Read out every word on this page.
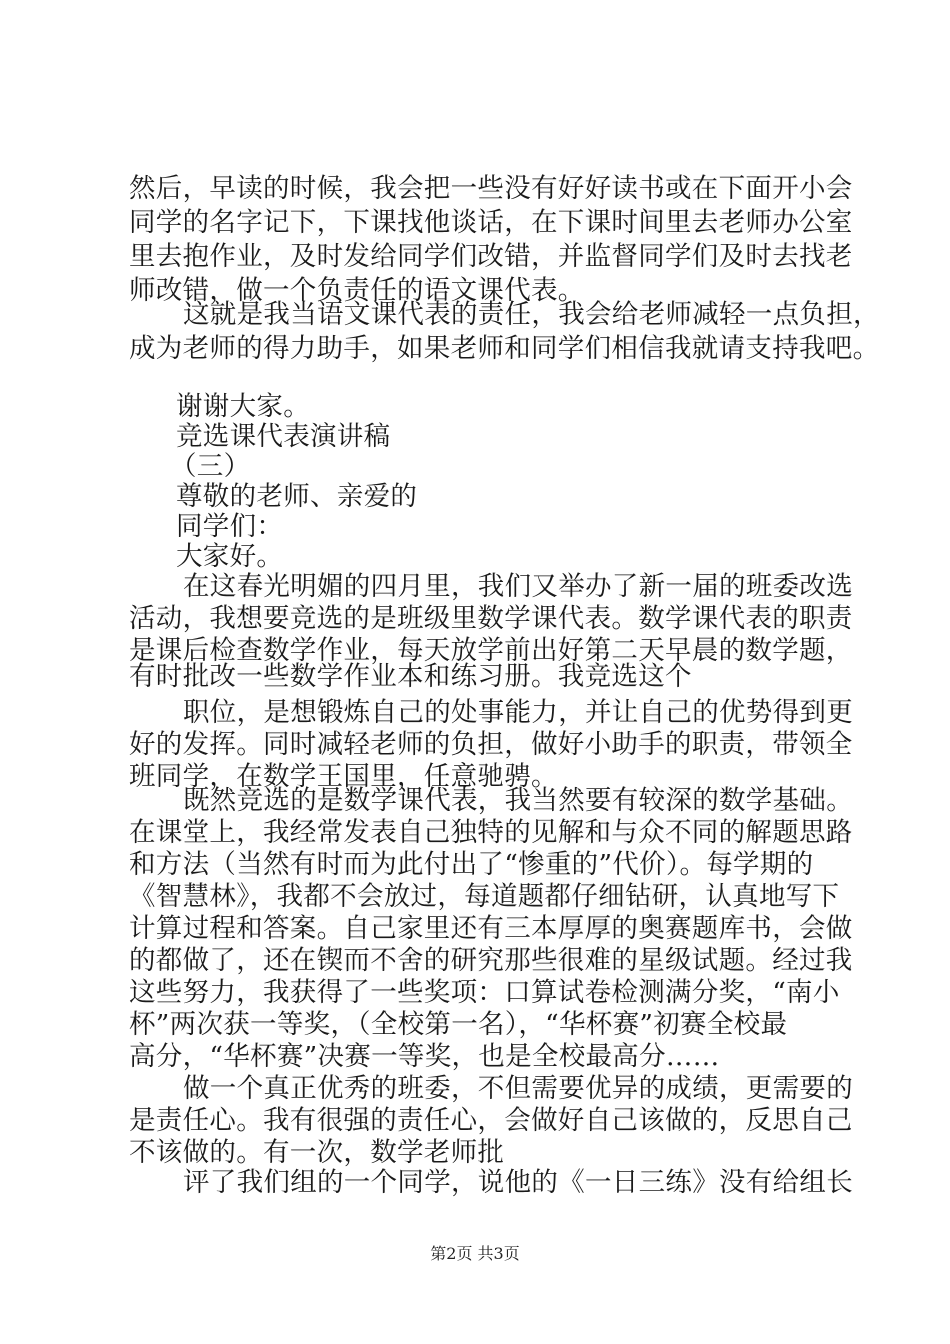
然后，早读的时候，我会把一些没有好好读书或在下面开小会
同学的名字记下，下课找他谈话，在下课时间里去老师办公室
里去抱作业，及时发给同学们改错，并监督同学们及时去找老
师改错，做一个负责任的语文课代表。
这就是我当语文课代表的责任，我会给老师减轻一点负担，
成为老师的得力助手，如果老师和同学们相信我就请支持我吧。
谢谢大家。
竞选课代表演讲稿
（三）
尊敬的老师、亲爱的
同学们：
大家好。
在这春光明媚的四月里，我们又举办了新一届的班委改选
活动，我想要竞选的是班级里数学课代表。数学课代表的职责
是课后检查数学作业，每天放学前出好第二天早晨的数学题，
有时批改一些数学作业本和练习册。我竞选这个
职位，是想锻炼自己的处事能力，并让自己的优势得到更
好的发挥。同时减轻老师的负担，做好小助手的职责，带领全
班同学，在数学王国里，任意驰骋。
既然竞选的是数学课代表，我当然要有较深的数学基础。
在课堂上，我经常发表自己独特的见解和与众不同的解题思路
和方法（当然有时而为此付出了“惨重的”代价）。每学期的
《智慧林》，我都不会放过，每道题都仔细钻研，认真地写下
计算过程和答案。自己家里还有三本厚厚的奥赛题库书，会做
的都做了，还在锲而不舍的研究那些很难的星级试题。经过我
这些努力，我获得了一些奖项：口算试卷检测满分奖，“南小
杯”两次获一等奖，（全校第一名），“华杯赛”初赛全校最
高分，“华杯赛”决赛一等奖，也是全校最高分……
做一个真正优秀的班委，不但需要优异的成绩，更需要的
是责任心。我有很强的责任心，会做好自己该做的，反思自己
不该做的。有一次，数学老师批
评了我们组的一个同学，说他的《一日三练》没有给组长
第2页 共3页
